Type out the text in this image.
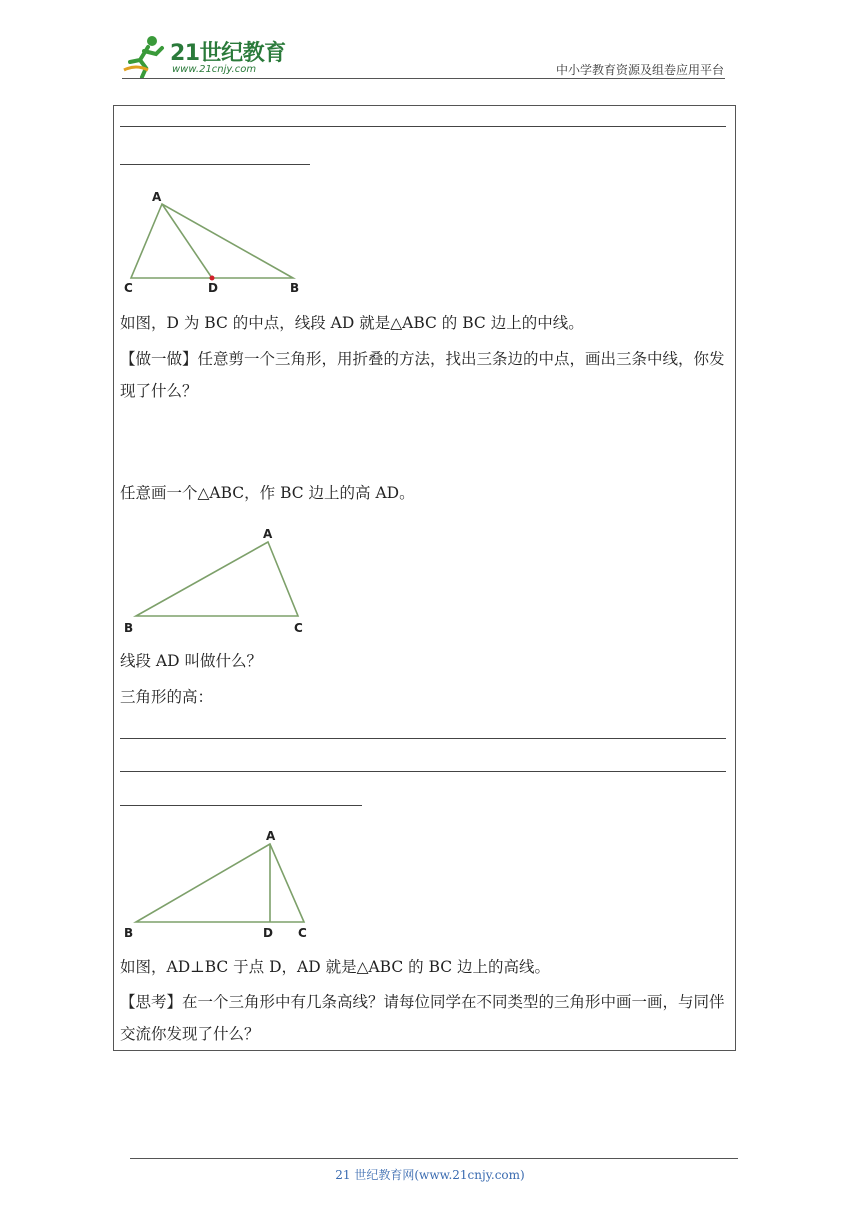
21世纪教育
www.21cnjy.com	中小学教育资源及组卷应用平台
A
C	D	B
如图，D 为 BC 的中点，线段 AD 就是△ABC 的 BC 边上的中线。
【做一做】任意剪一个三角形，用折叠的方法，找出三条边的中点，画出三条中线，你发现了什么？
任意画一个△ABC，作 BC 边上的高 AD。
A
B	C
线段 AD 叫做什么？
三角形的高：
A
B	D C
如图，AD⊥BC 于点 D，AD 就是△ABC 的 BC 边上的高线。
【思考】在一个三角形中有几条高线？请每位同学在不同类型的三角形中画一画，与同伴交流你发现了什么？
21 世纪教育网(www.21cnjy.com)
